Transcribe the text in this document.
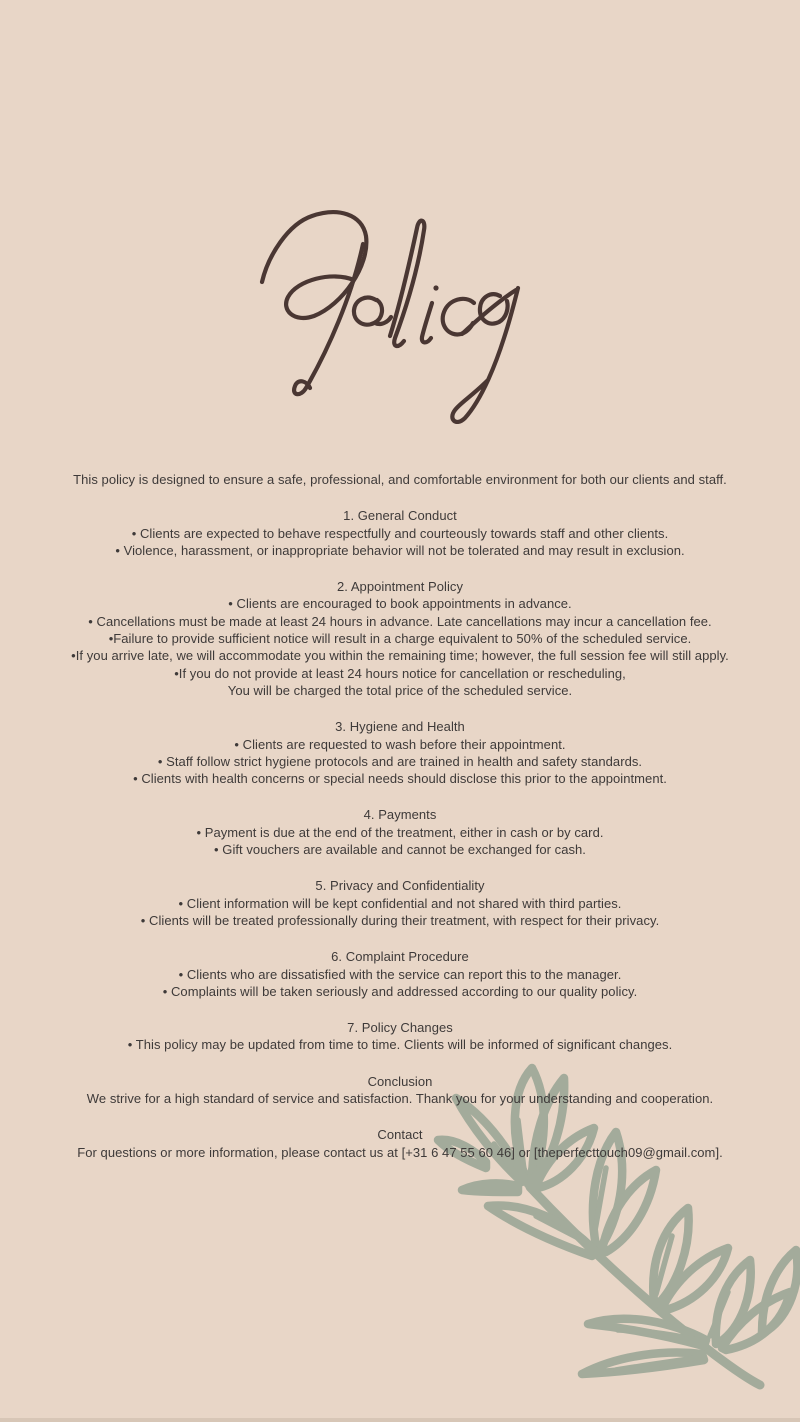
This policy is designed to ensure a safe, professional, and comfortable environment for both our clients and staff.
1. General Conduct
• Clients are expected to behave respectfully and courteously towards staff and other clients.
• Violence, harassment, or inappropriate behavior will not be tolerated and may result in exclusion.
2. Appointment Policy
• Clients are encouraged to book appointments in advance.
• Cancellations must be made at least 24 hours in advance. Late cancellations may incur a cancellation fee.
•Failure to provide sufficient notice will result in a charge equivalent to 50% of the scheduled service.
•If you arrive late, we will accommodate you within the remaining time; however, the full session fee will still apply.
•If you do not provide at least 24 hours notice for cancellation or rescheduling,
You will be charged the total price of the scheduled service.
3. Hygiene and Health
• Clients are requested to wash before their appointment.
• Staff follow strict hygiene protocols and are trained in health and safety standards.
• Clients with health concerns or special needs should disclose this prior to the appointment.
4. Payments
• Payment is due at the end of the treatment, either in cash or by card.
• Gift vouchers are available and cannot be exchanged for cash.
5. Privacy and Confidentiality
• Client information will be kept confidential and not shared with third parties.
• Clients will be treated professionally during their treatment, with respect for their privacy.
6. Complaint Procedure
• Clients who are dissatisfied with the service can report this to the manager.
• Complaints will be taken seriously and addressed according to our quality policy.
7. Policy Changes
• This policy may be updated from time to time. Clients will be informed of significant changes.
Conclusion
We strive for a high standard of service and satisfaction. Thank you for your understanding and cooperation.
Contact
For questions or more information, please contact us at [+31 6 47 55 60 46] or [theperfecttouch09@gmail.com].
